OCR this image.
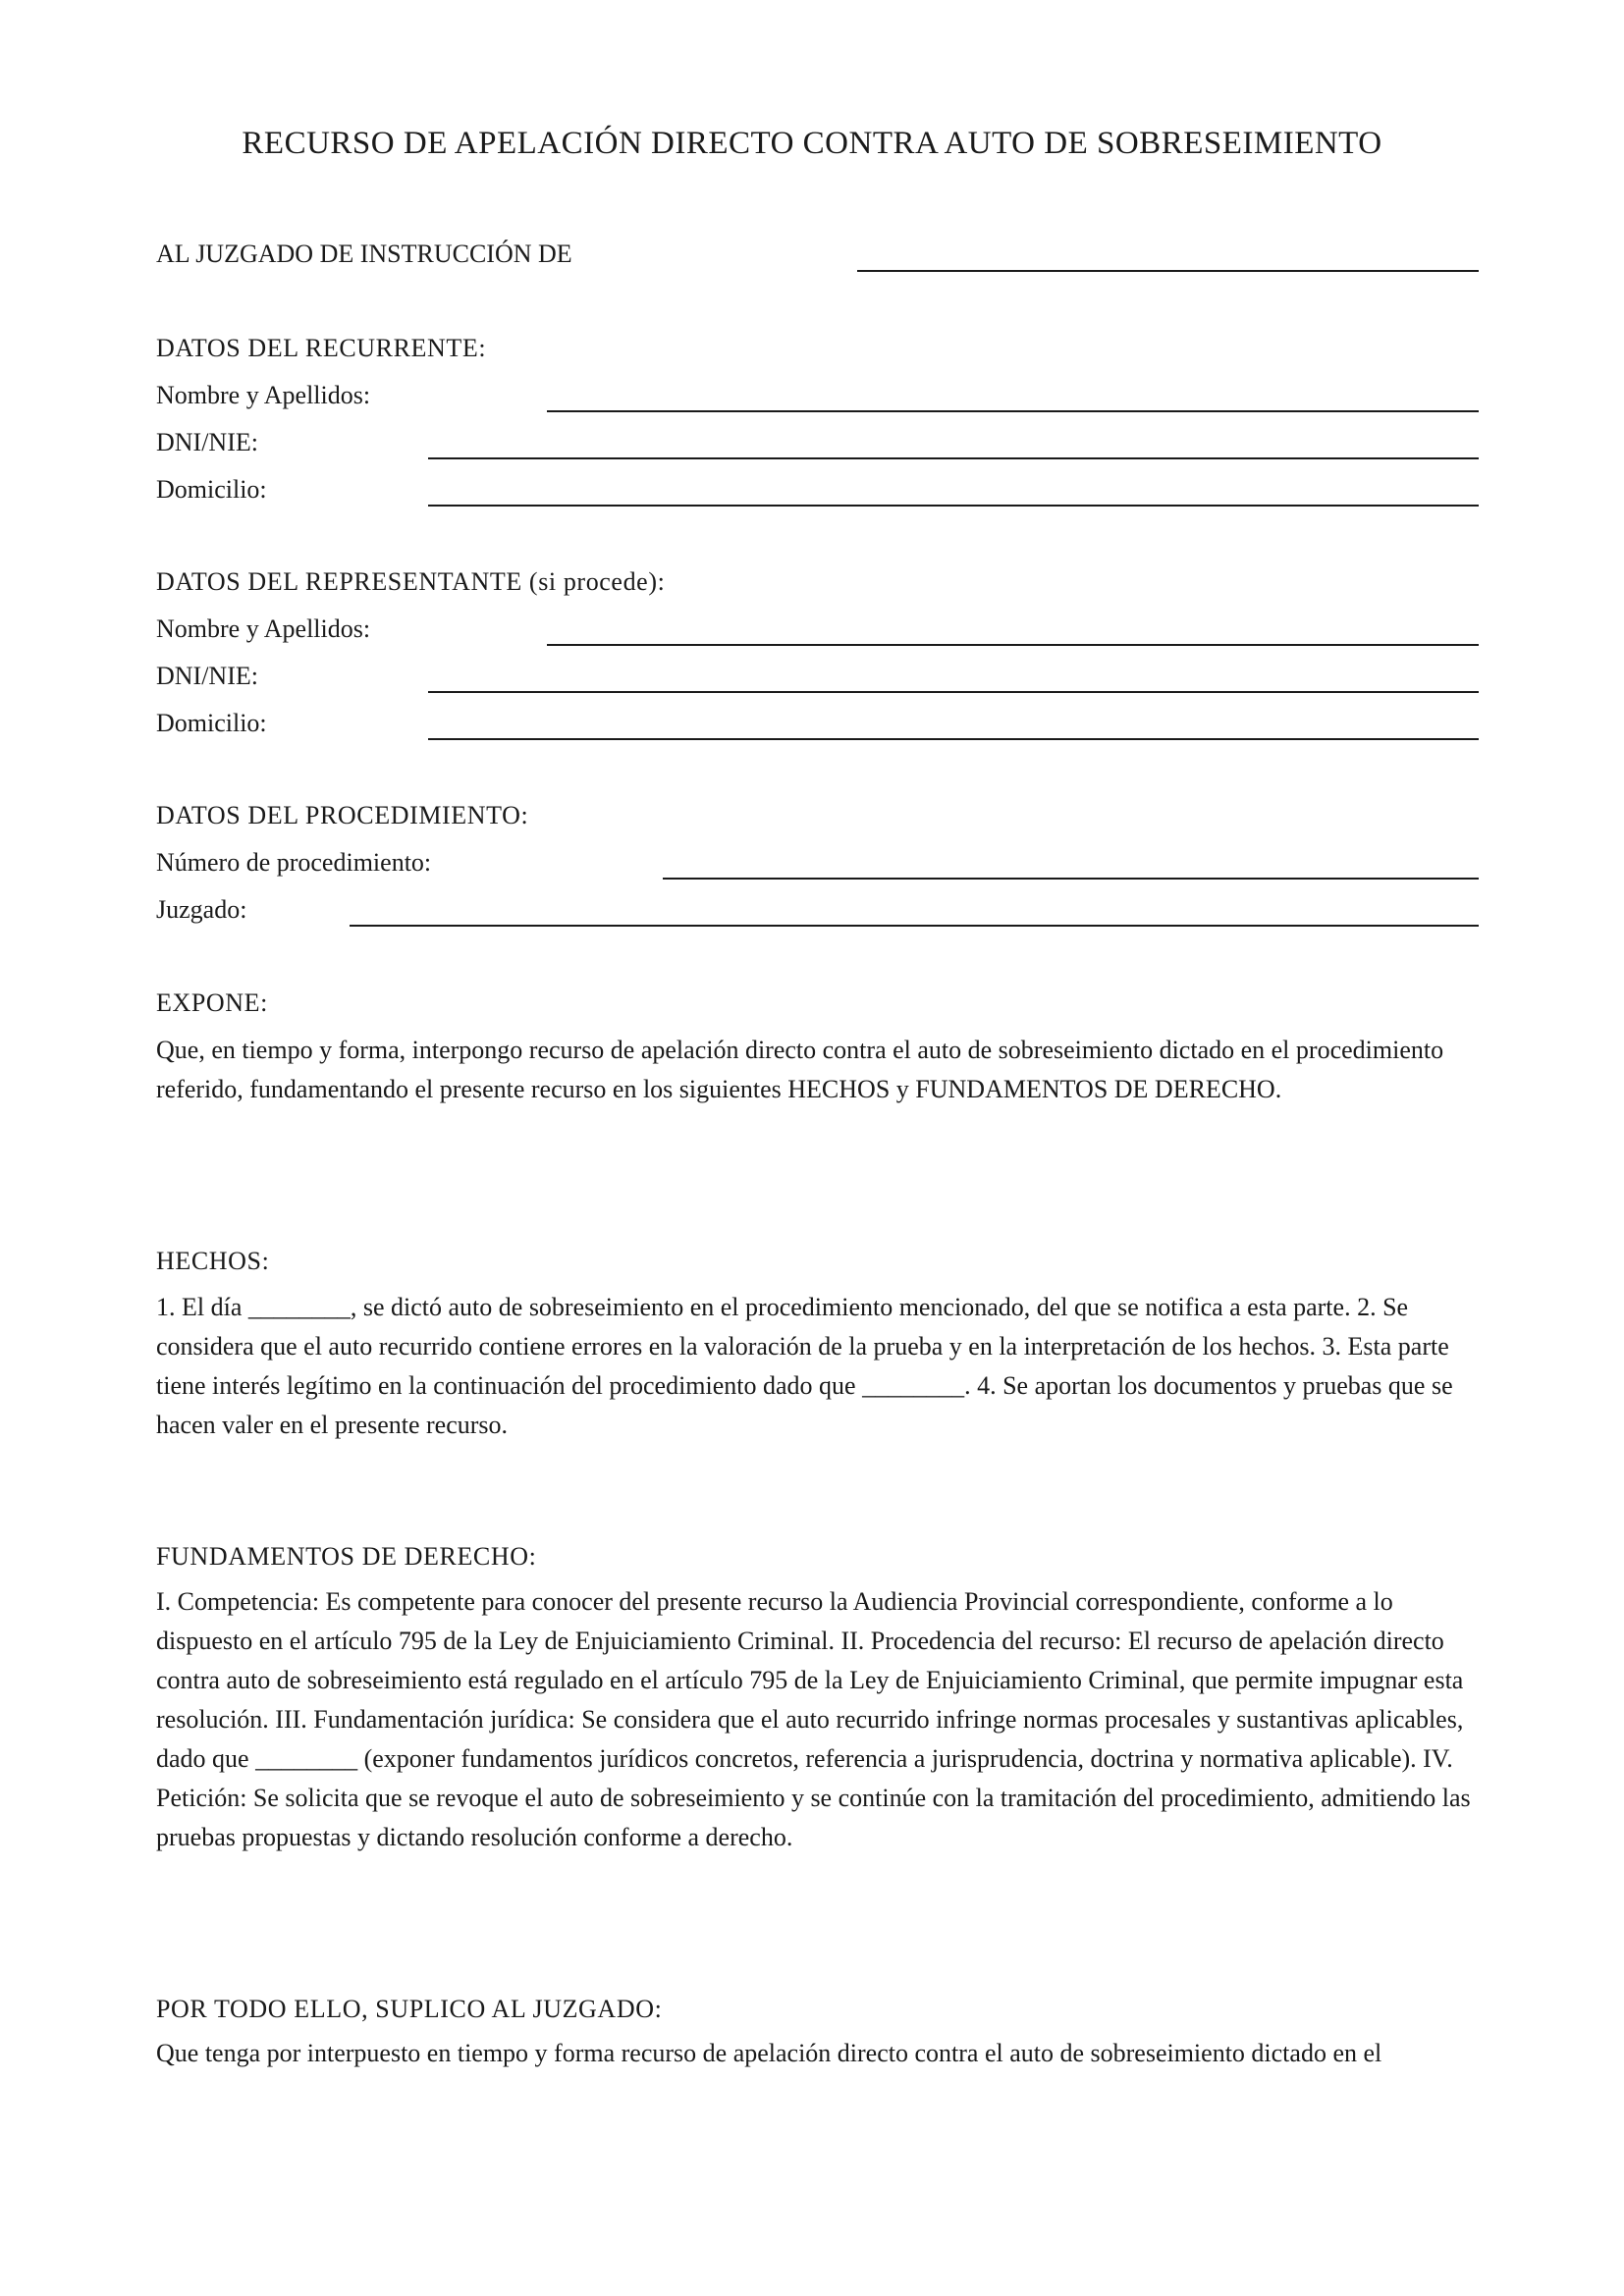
RECURSO DE APELACIÓN DIRECTO CONTRA AUTO DE SOBRESEIMIENTO
AL JUZGADO DE INSTRUCCIÓN DE
DATOS DEL RECURRENTE:
Nombre y Apellidos:
DNI/NIE:
Domicilio:
DATOS DEL REPRESENTANTE (si procede):
Nombre y Apellidos:
DNI/NIE:
Domicilio:
DATOS DEL PROCEDIMIENTO:
Número de procedimiento:
Juzgado:
EXPONE:

Que, en tiempo y forma, interpongo recurso de apelación directo contra el auto de sobreseimiento dictado en el procedimiento referido, fundamentando el presente recurso en los siguientes HECHOS y FUNDAMENTOS DE DERECHO.

HECHOS:

1. El día ________, se dictó auto de sobreseimiento en el procedimiento mencionado, del que se notifica a esta parte. 2. Se considera que el auto recurrido contiene errores en la valoración de la prueba y en la interpretación de los hechos. 3. Esta parte tiene interés legítimo en la continuación del procedimiento dado que ________. 4. Se aportan los documentos y pruebas que se hacen valer en el presente recurso.

FUNDAMENTOS DE DERECHO:

I. Competencia: Es competente para conocer del presente recurso la Audiencia Provincial correspondiente, conforme a lo dispuesto en el artículo 795 de la Ley de Enjuiciamiento Criminal. II. Procedencia del recurso: El recurso de apelación directo contra auto de sobreseimiento está regulado en el artículo 795 de la Ley de Enjuiciamiento Criminal, que permite impugnar esta resolución. III. Fundamentación jurídica: Se considera que el auto recurrido infringe normas procesales y sustantivas aplicables, dado que ________ (exponer fundamentos jurídicos concretos, referencia a jurisprudencia, doctrina y normativa aplicable). IV. Petición: Se solicita que se revoque el auto de sobreseimiento y se continúe con la tramitación del procedimiento, admitiendo las pruebas propuestas y dictando resolución conforme a derecho.

POR TODO ELLO, SUPLICO AL JUZGADO:

Que tenga por interpuesto en tiempo y forma recurso de apelación directo contra el auto de sobreseimiento dictado en el
